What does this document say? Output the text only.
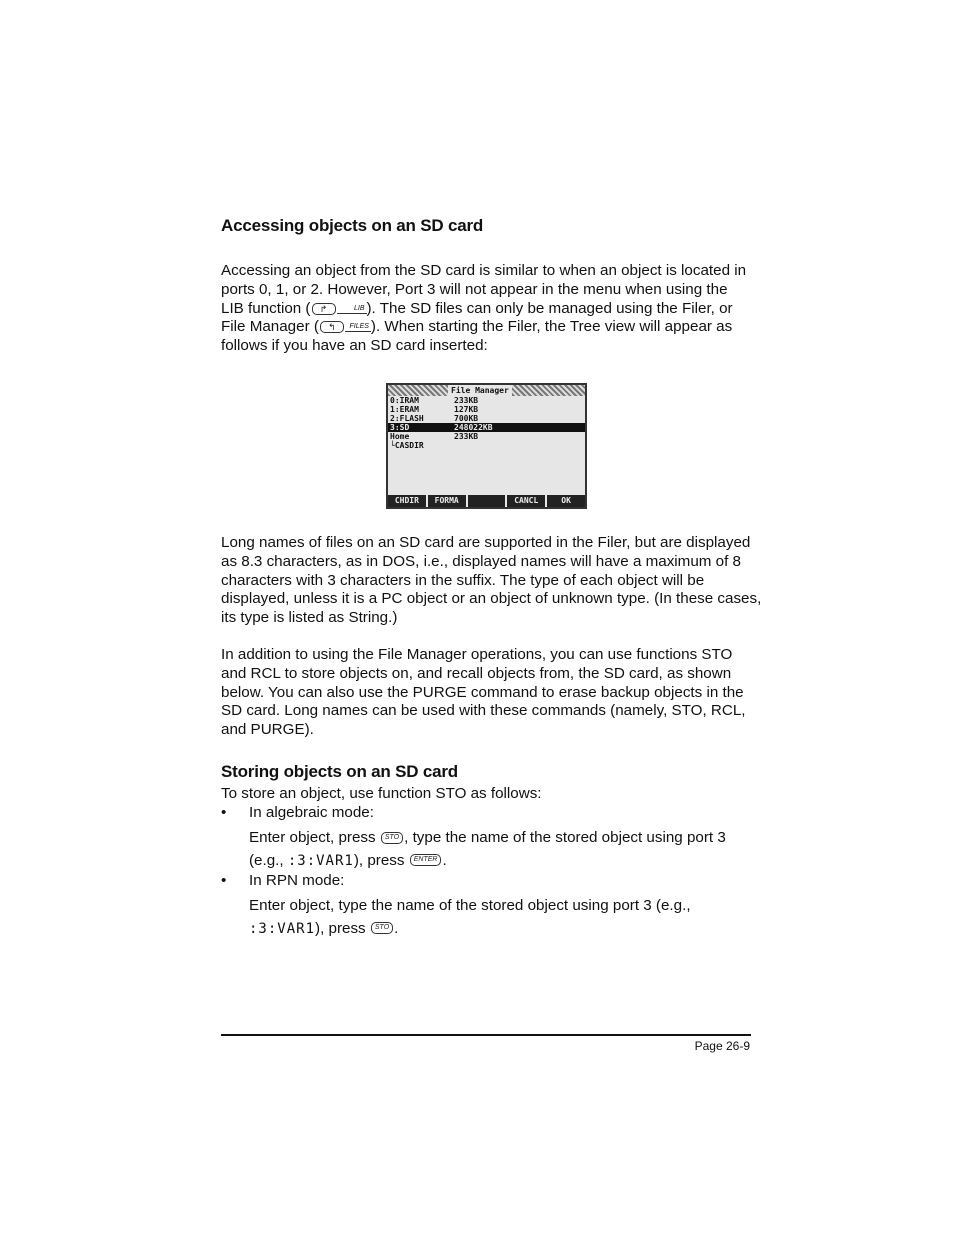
Accessing objects on an SD card
Accessing an object from the SD card is similar to when an object is located in
ports 0, 1, or 2. However, Port 3 will not appear in the menu when using the
LIB function ( ↱	LIB ). The SD files can only be managed using the Filer, or
File Manager ( ↰ FILES ). When starting the Filer, the Tree view will appear as
follows if you have an SD card inserted:
File Manager
0:IRAM	233KB
1:ERAM	127KB
2:FLASH	700KB
3:SD	248022KB
Home	233KB
└CASDIR
CHDIR	FORMA	CANCL	OK
Long names of files on an SD card are supported in the Filer, but are displayed
as 8.3 characters, as in DOS, i.e., displayed names will have a maximum of 8
characters with 3 characters in the suffix. The type of each object will be
displayed, unless it is a PC object or an object of unknown type. (In these cases,
its type is listed as String.)
In addition to using the File Manager operations, you can use functions STO
and RCL to store objects on, and recall objects from, the SD card, as shown
below. You can also use the PURGE command to erase backup objects in the
SD card. Long names can be used with these commands (namely, STO, RCL,
and PURGE).
Storing objects on an SD card
To store an object, use function STO as follows:
• In algebraic mode:
Enter object, press STO , type the name of the stored object using port 3
(e.g., :3:VAR1), press ENTER .
• In RPN mode:
Enter object, type the name of the stored object using port 3 (e.g.,
:3:VAR1), press STO .
Page 26-9
